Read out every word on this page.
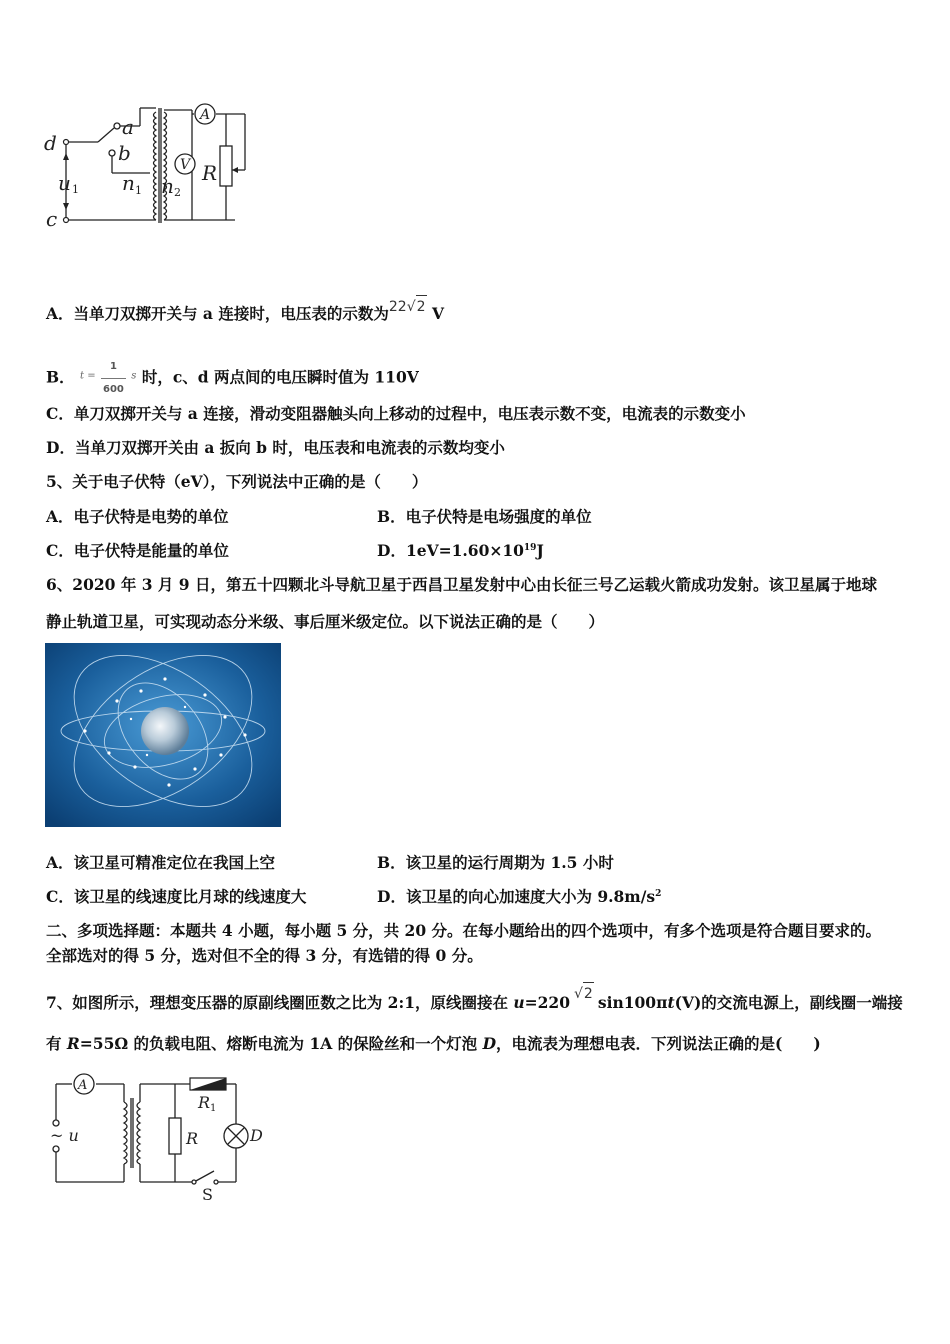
d
a
b
u
c
n n
R
1	1	2
A
V
A．当单刀双掷开关与 a 连接时，电压表的示数为22√2 V
B． $^{t =} \frac{1}{600} ^s$ 时，c、d 两点间的电压瞬时值为 110V
C．单刀双掷开关与 a 连接，滑动变阻器触头向上移动的过程中，电压表示数不变，电流表的示数变小
D．当单刀双掷开关由 a 扳向 b 时，电压表和电流表的示数均变小
5、关于电子伏特（eV），下列说法中正确的是（　　）
A．电子伏特是电势的单位	B．电子伏特是电场强度的单位
C．电子伏特是能量的单位	D．$1eV=1.60\times 10^{19}J$
6、2020 年 3 月 9 日，第五十四颗北斗导航卫星于西昌卫星发射中心由长征三号乙运载火箭成功发射。该卫星属于地球
静止轨道卫星，可实现动态分米级、事后厘米级定位。以下说法正确的是（　　）
A．该卫星可精准定位在我国上空	B．该卫星的运行周期为 1.5 小时
C．该卫星的线速度比月球的线速度大	D．该卫星的向心加速度大小为 $9.8m/s^2$
二、多项选择题：本题共 4 小题，每小题 5 分，共 20 分。在每小题给出的四个选项中，有多个选项是符合题目要求的。
全部选对的得 5 分，选对但不全的得 3 分，有选错的得 0 分。
7、如图所示，理想变压器的原副线圈匝数之比为 2:1，原线圈接在 u=220 √2 sin100πt(V)的交流电源上，副线圈一端接
有 R=55Ω 的负载电阻、熔断电流为 1A 的保险丝和一个灯泡 D，电流表为理想电表．下列说法正确的是(　　)
A
~ u	R
R
D
S
1
